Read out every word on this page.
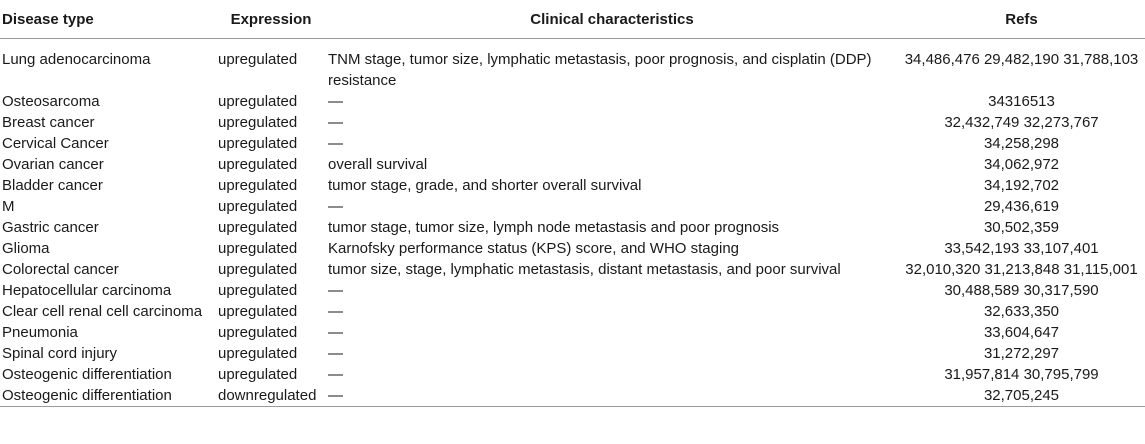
Disease type	Expression	Clinical characteristics	Refs
Lung adenocarcinoma	upregulated	TNM stage, tumor size, lymphatic metastasis, poor prognosis, and cisplatin (DDP) resistance	34,486,476 29,482,190 31,788,103
Osteosarcoma	upregulated	—	34316513
Breast cancer	upregulated	—	32,432,749 32,273,767
Cervical Cancer	upregulated	—	34,258,298
Ovarian cancer	upregulated	overall survival	34,062,972
Bladder cancer	upregulated	tumor stage, grade, and shorter overall survival	34,192,702
M	upregulated	—	29,436,619
Gastric cancer	upregulated	tumor stage, tumor size, lymph node metastasis and poor prognosis	30,502,359
Glioma	upregulated	Karnofsky performance status (KPS) score, and WHO staging	33,542,193 33,107,401
Colorectal cancer	upregulated	tumor size, stage, lymphatic metastasis, distant metastasis, and poor survival	32,010,320 31,213,848 31,115,001
Hepatocellular carcinoma	upregulated	—	30,488,589 30,317,590
Clear cell renal cell carcinoma	upregulated	—	32,633,350
Pneumonia	upregulated	—	33,604,647
Spinal cord injury	upregulated	—	31,272,297
Osteogenic differentiation	upregulated	—	31,957,814 30,795,799
Osteogenic differentiation	downregulated	—	32,705,245
